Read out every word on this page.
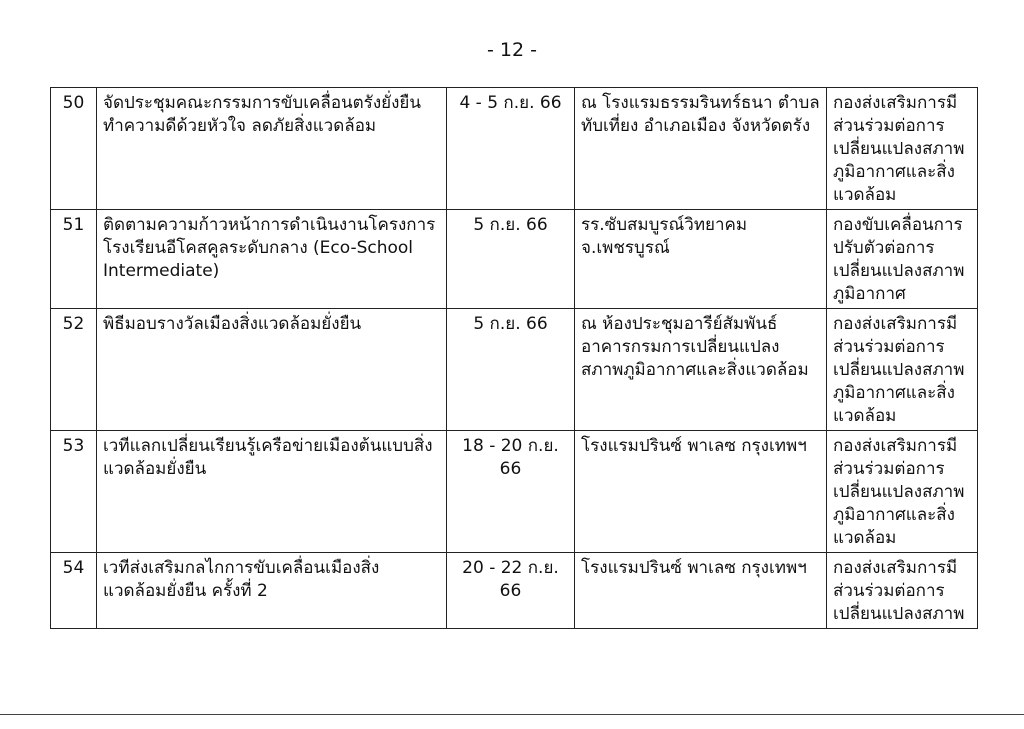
- 12 -
50	จัดประชุมคณะกรรมการขับเคลื่อนตรังยั่งยืน ทำความดีด้วยหัวใจ ลดภัยสิ่งแวดล้อม	4 - 5 ก.ย. 66	ณ โรงแรมธรรมรินทร์ธนา ตำบลทับเที่ยง อำเภอเมือง จังหวัดตรัง	กองส่งเสริมการมีส่วนร่วมต่อการเปลี่ยนแปลงสภาพภูมิอากาศและสิ่งแวดล้อม
51	ติดตามความก้าวหน้าการดำเนินงานโครงการโรงเรียนอีโคสคูลระดับกลาง (Eco-School Intermediate)	5 ก.ย. 66	รร.ซับสมบูรณ์วิทยาคม จ.เพชรบูรณ์	กองขับเคลื่อนการปรับตัวต่อการเปลี่ยนแปลงสภาพภูมิอากาศ
52	พิธีมอบรางวัลเมืองสิ่งแวดล้อมยั่งยืน	5 ก.ย. 66	ณ ห้องประชุมอารีย์สัมพันธ์ อาคารกรมการเปลี่ยนแปลงสภาพภูมิอากาศและสิ่งแวดล้อม	กองส่งเสริมการมีส่วนร่วมต่อการเปลี่ยนแปลงสภาพภูมิอากาศและสิ่งแวดล้อม
53	เวทีแลกเปลี่ยนเรียนรู้เครือข่ายเมืองต้นแบบสิ่งแวดล้อมยั่งยืน	18 - 20 ก.ย. 66	โรงแรมปรินซ์ พาเลซ กรุงเทพฯ	กองส่งเสริมการมีส่วนร่วมต่อการเปลี่ยนแปลงสภาพภูมิอากาศและสิ่งแวดล้อม
54	เวทีส่งเสริมกลไกการขับเคลื่อนเมืองสิ่งแวดล้อมยั่งยืน ครั้งที่ 2	20 - 22 ก.ย. 66	โรงแรมปรินซ์ พาเลซ กรุงเทพฯ	กองส่งเสริมการมีส่วนร่วมต่อการเปลี่ยนแปลงสภาพ
